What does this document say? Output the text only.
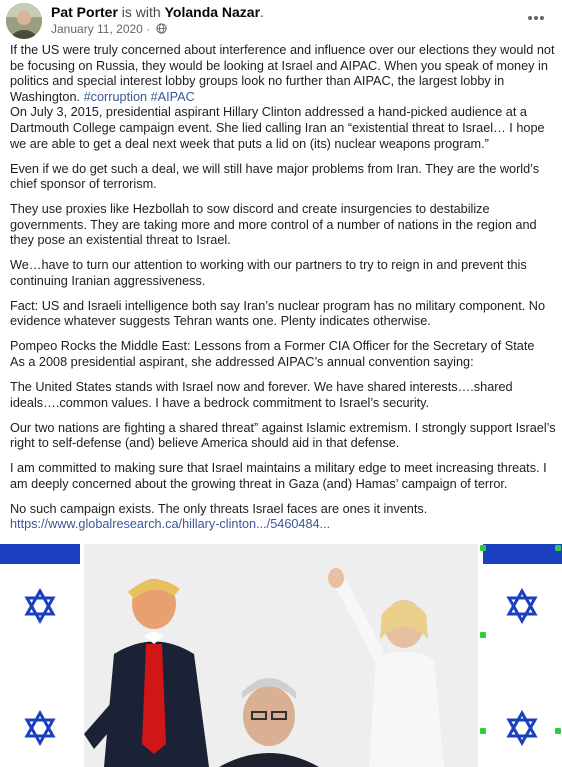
Pat Porter is with Yolanda Nazar.
January 11, 2020 ·

If the US were truly concerned about interference and influence over our elections they would not
be focusing on Russia, they would be looking at Israel and AIPAC. When you speak of money in
politics and special interest lobby groups look no further than AIPAC, the largest lobby in
Washington. #corruption #AIPAC
On July 3, 2015, presidential aspirant Hillary Clinton addressed a hand-picked audience at a
Dartmouth College campaign event. She lied calling Iran an “existential threat to Israel… I hope
we are able to get a deal next week that puts a lid on (its) nuclear weapons program.”

Even if we do get such a deal, we will still have major problems from Iran. They are the world’s
chief sponsor of terrorism.

They use proxies like Hezbollah to sow discord and create insurgencies to destabilize
governments. They are taking more and more control of a number of nations in the region and
they pose an existential threat to Israel.

We…have to turn our attention to working with our partners to try to reign in and prevent this
continuing Iranian aggressiveness.

Fact: US and Israeli intelligence both say Iran’s nuclear program has no military component. No
evidence whatever suggests Tehran wants one. Plenty indicates otherwise.

Pompeo Rocks the Middle East: Lessons from a Former CIA Officer for the Secretary of State
As a 2008 presidential aspirant, she addressed AIPAC’s annual convention saying:

The United States stands with Israel now and forever. We have shared interests….shared
ideals….common values. I have a bedrock commitment to Israel’s security.

Our two nations are fighting a shared threat” against Islamic extremism. I strongly support Israel’s
right to self-defense (and) believe America should aid in that defense.

I am committed to making sure that Israel maintains a military edge to meet increasing threats. I
am deeply concerned about the growing threat in Gaza (and) Hamas’ campaign of terror.

No such campaign exists. The only threats Israel faces are ones it invents.
https://www.globalresearch.ca/hillary-clinton.../5460484...
